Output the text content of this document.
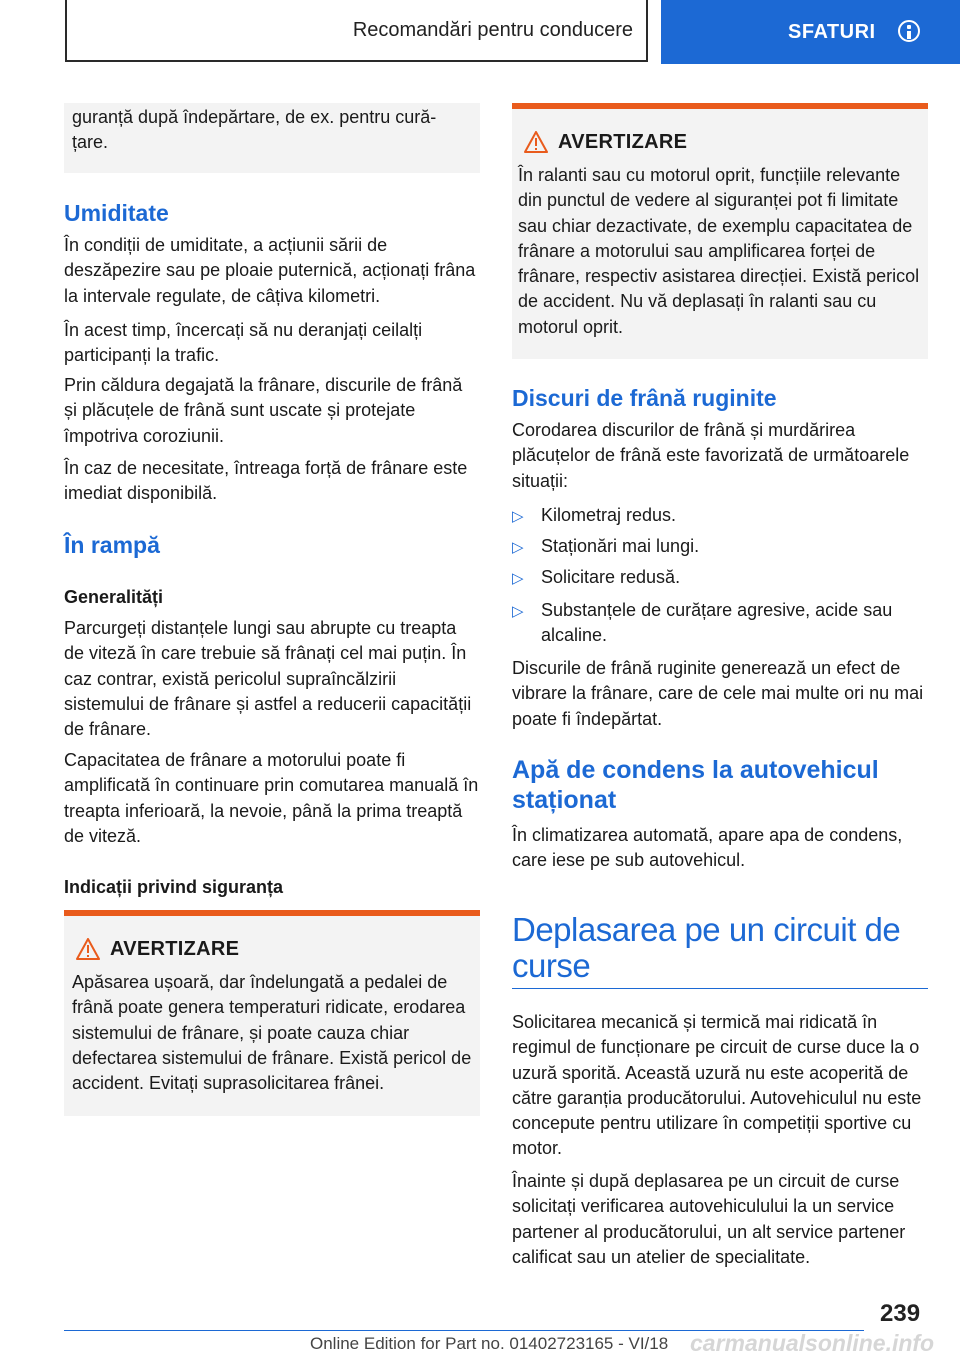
Recomandări pentru conducere	SFATURI

guranță după îndepărtare, de ex. pentru cură-țare.

Umiditate

În condiții de umiditate, a acțiunii sării de deszăpezire sau pe ploaie puternică, acționați frâna la intervale regulate, de câțiva kilometri.

În acest timp, încercați să nu deranjați ceilalți participanți la trafic.

Prin căldura degajată la frânare, discurile de frână și plăcuțele de frână sunt uscate și protejate împotriva coroziunii.

În caz de necesitate, întreaga forță de frânare este imediat disponibilă.

În rampă
Generalități

Parcurgeți distanțele lungi sau abrupte cu treapta de viteză în care trebuie să frânați cel mai puțin. În caz contrar, există pericolul supraîncălzirii sistemului de frânare și astfel a reducerii capacității de frânare.

Capacitatea de frânare a motorului poate fi amplificată în continuare prin comutarea manuală în treapta inferioară, la nevoie, până la prima treaptă de viteză.

Indicații privind siguranța
AVERTIZARE

Apăsarea ușoară, dar îndelungată a pedalei de frână poate genera temperaturi ridicate, erodarea sistemului de frânare, și poate cauza chiar defectarea sistemului de frânare. Există pericol de accident. Evitați suprasolicitarea frânei.

AVERTIZARE

În ralanti sau cu motorul oprit, funcțiile relevante din punctul de vedere al siguranței pot fi limitate sau chiar dezactivate, de exemplu capacitatea de frânare a motorului sau amplificarea forței de frânare, respectiv asistarea direcției. Există pericol de accident. Nu vă deplasați în ralanti sau cu motorul oprit.

Discuri de frână ruginite

Corodarea discurilor de frână și murdărirea plăcuțelor de frână este favorizată de următoarele situații:

▷ Kilometraj redus.
▷ Staționări mai lungi.
▷ Solicitare redusă.
▷ Substanțele de curățare agresive, acide sau alcaline.

Discurile de frână ruginite generează un efect de vibrare la frânare, care de cele mai multe ori nu mai poate fi îndepărtat.

Apă de condens la autovehicul staționat

În climatizarea automată, apare apa de condens, care iese pe sub autovehicul.

Deplasarea pe un circuit de curse

Solicitarea mecanică și termică mai ridicată în regimul de funcționare pe circuit de curse duce la o uzură sporită. Această uzură nu este acoperită de către garanția producătorului. Autovehiculul nu este concepute pentru utilizare în competiții sportive cu motor.

Înainte și după deplasarea pe un circuit de curse solicitați verificarea autovehiculului la un service partener al producătorului, un alt service partener calificat sau un atelier de specialitate.

239
Online Edition for Part no. 01402723165 - VI/18 carmanualsonline.info
